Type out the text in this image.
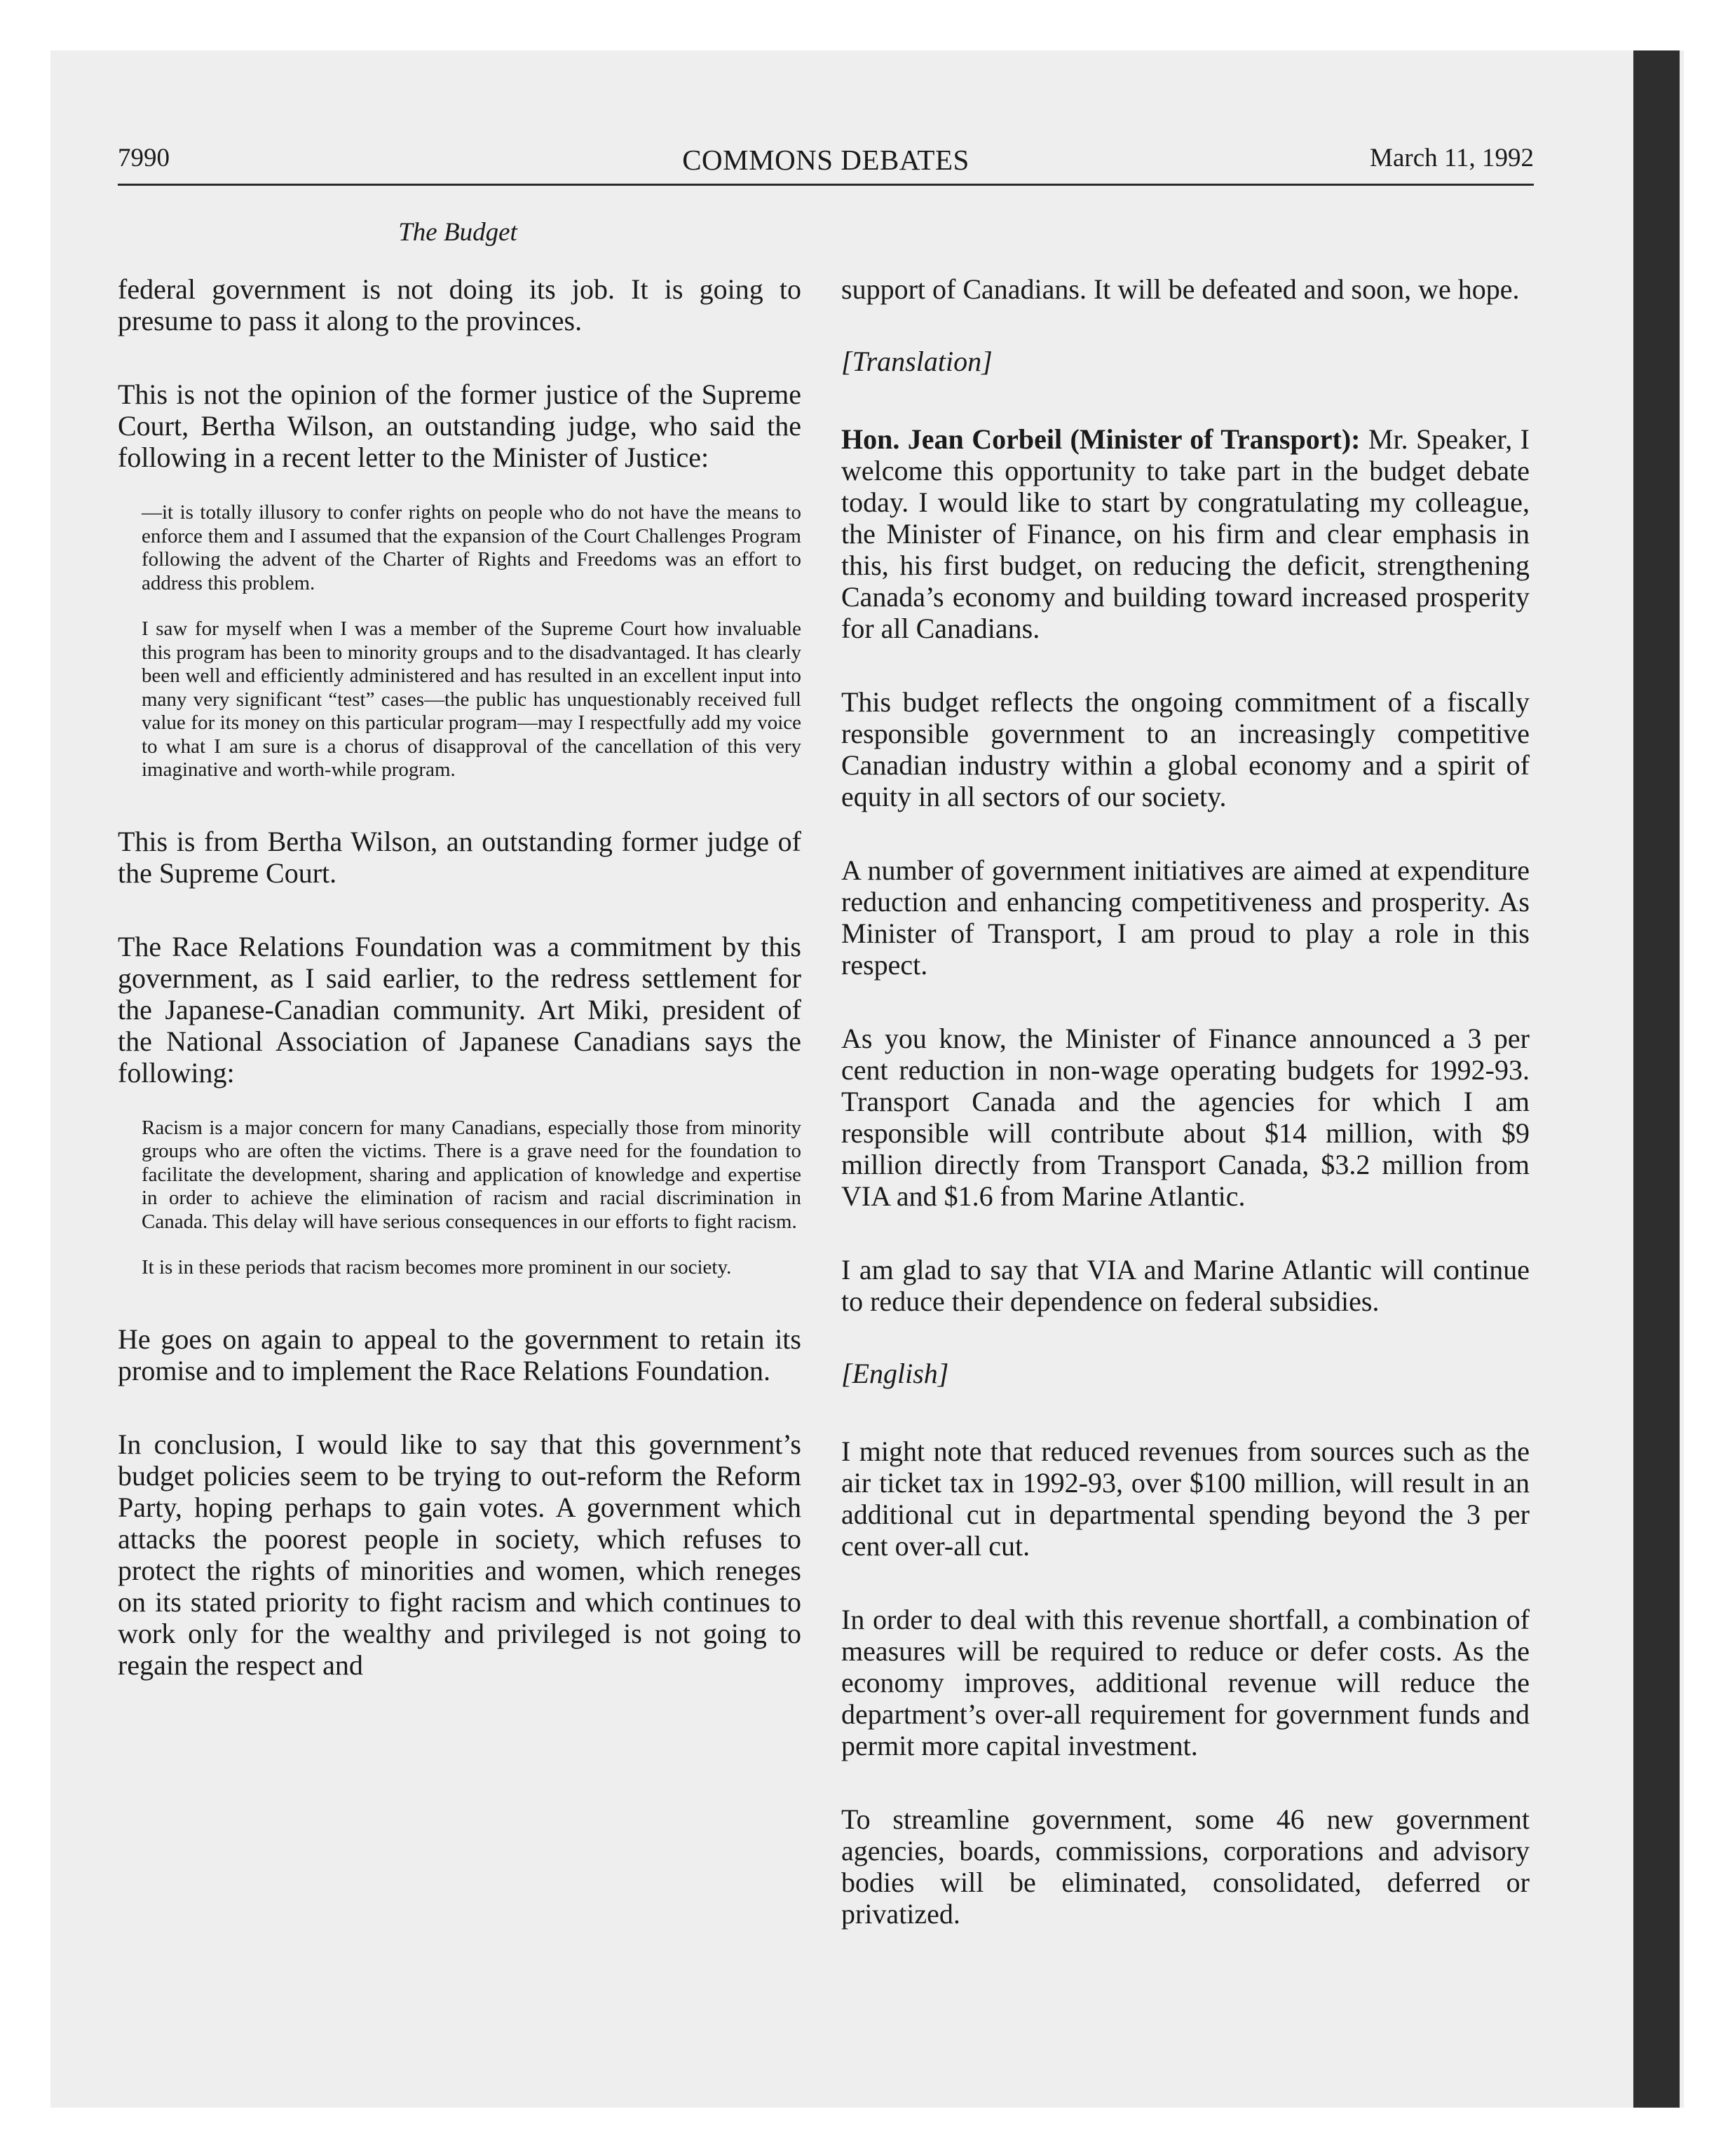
7990	COMMONS DEBATES	March 11, 1992
The Budget

federal government is not doing its job. It is going to presume to pass it along to the provinces.

This is not the opinion of the former justice of the Supreme Court, Bertha Wilson, an outstanding judge, who said the following in a recent letter to the Minister of Justice:

—it is totally illusory to confer rights on people who do not have the means to enforce them and I assumed that the expansion of the Court Challenges Program following the advent of the Charter of Rights and Freedoms was an effort to address this problem.

I saw for myself when I was a member of the Supreme Court how invaluable this program has been to minority groups and to the disadvantaged. It has clearly been well and efficiently administered and has resulted in an excellent input into many very significant “test” cases—the public has unquestionably received full value for its money on this particular program—may I respectfully add my voice to what I am sure is a chorus of disapproval of the cancellation of this very imaginative and worth-while program.

This is from Bertha Wilson, an outstanding former judge of the Supreme Court.

The Race Relations Foundation was a commitment by this government, as I said earlier, to the redress settlement for the Japanese-Canadian community. Art Miki, president of the National Association of Japanese Canadians says the following:

Racism is a major concern for many Canadians, especially those from minority groups who are often the victims. There is a grave need for the foundation to facilitate the development, sharing and application of knowledge and expertise in order to achieve the elimination of racism and racial discrimination in Canada. This delay will have serious consequences in our efforts to fight racism.

It is in these periods that racism becomes more prominent in our society.

He goes on again to appeal to the government to retain its promise and to implement the Race Relations Foundation.

In conclusion, I would like to say that this government’s budget policies seem to be trying to out-reform the Reform Party, hoping perhaps to gain votes. A government which attacks the poorest people in society, which refuses to protect the rights of minorities and women, which reneges on its stated priority to fight racism and which continues to work only for the wealthy and privileged is not going to regain the respect and

support of Canadians. It will be defeated and soon, we hope.

[Translation]

Hon. Jean Corbeil (Minister of Transport): Mr. Speaker, I welcome this opportunity to take part in the budget debate today. I would like to start by congratulating my colleague, the Minister of Finance, on his firm and clear emphasis in this, his first budget, on reducing the deficit, strengthening Canada’s economy and building toward increased prosperity for all Canadians.

This budget reflects the ongoing commitment of a fiscally responsible government to an increasingly competitive Canadian industry within a global economy and a spirit of equity in all sectors of our society.

A number of government initiatives are aimed at expenditure reduction and enhancing competitiveness and prosperity. As Minister of Transport, I am proud to play a role in this respect.

As you know, the Minister of Finance announced a 3 per cent reduction in non-wage operating budgets for 1992-93. Transport Canada and the agencies for which I am responsible will contribute about $14 million, with $9 million directly from Transport Canada, $3.2 million from VIA and $1.6 from Marine Atlantic.

I am glad to say that VIA and Marine Atlantic will continue to reduce their dependence on federal subsidies.

[English]

I might note that reduced revenues from sources such as the air ticket tax in 1992-93, over $100 million, will result in an additional cut in departmental spending beyond the 3 per cent over-all cut.

In order to deal with this revenue shortfall, a combination of measures will be required to reduce or defer costs. As the economy improves, additional revenue will reduce the department’s over-all requirement for government funds and permit more capital investment.

To streamline government, some 46 new government agencies, boards, commissions, corporations and advisory bodies will be eliminated, consolidated, deferred or privatized.
